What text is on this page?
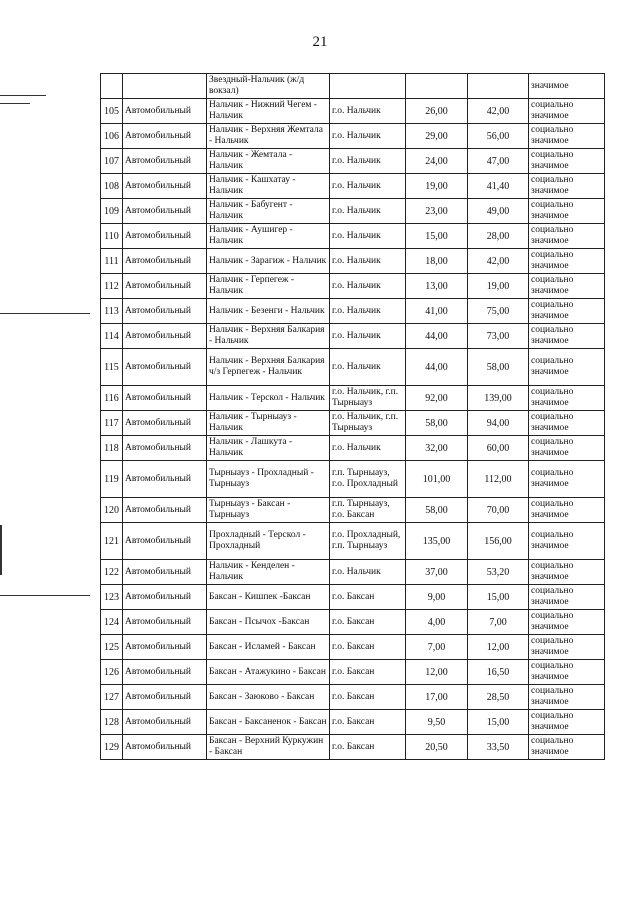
21
		Звездный-Нальчик (ж/д вокзал)				значимое
105	Автомобильный	Нальчик - Нижний Чегем - Нальчик	г.о. Нальчик	26,00	42,00	социально значимое
106	Автомобильный	Нальчик - Верхняя Жемтала - Нальчик	г.о. Нальчик	29,00	56,00	социально значимое
107	Автомобильный	Нальчик - Жемтала - Нальчик	г.о. Нальчик	24,00	47,00	социально значимое
108	Автомобильный	Нальчик - Кашхатау - Нальчик	г.о. Нальчик	19,00	41,40	социально значимое
109	Автомобильный	Нальчик - Бабугент - Нальчик	г.о. Нальчик	23,00	49,00	социально значимое
110	Автомобильный	Нальчик - Аушигер - Нальчик	г.о. Нальчик	15,00	28,00	социально значимое
111	Автомобильный	Нальчик - Зарагиж - Нальчик	г.о. Нальчик	18,00	42,00	социально значимое
112	Автомобильный	Нальчик - Герпегеж - Нальчик	г.о. Нальчик	13,00	19,00	социально значимое
113	Автомобильный	Нальчик - Безенги - Нальчик	г.о. Нальчик	41,00	75,00	социально значимое
114	Автомобильный	Нальчик - Верхняя Балкария - Нальчик	г.о. Нальчик	44,00	73,00	социально значимое
115	Автомобильный	Нальчик - Верхняя Балкария ч/з Герпегеж - Нальчик	г.о. Нальчик	44,00	58,00	социально значимое
116	Автомобильный	Нальчик - Терскол - Нальчик	г.о. Нальчик, г.п. Тырныауз	92,00	139,00	социально значимое
117	Автомобильный	Нальчик - Тырныауз - Нальчик	г.о. Нальчик, г.п. Тырныауз	58,00	94,00	социально значимое
118	Автомобильный	Нальчик - Лашкута - Нальчик	г.о. Нальчик	32,00	60,00	социально значимое
119	Автомобильный	Тырныауз - Прохладный - Тырныауз	г.п. Тырныауз, г.о. Прохладный	101,00	112,00	социально значимое
120	Автомобильный	Тырныауз - Баксан - Тырныауз	г.п. Тырныауз, г.о. Баксан	58,00	70,00	социально значимое
121	Автомобильный	Прохладный - Терскол - Прохладный	г.о. Прохладный, г.п. Тырныауз	135,00	156,00	социально значимое
122	Автомобильный	Нальчик - Кенделен - Нальчик	г.о. Нальчик	37,00	53,20	социально значимое
123	Автомобильный	Баксан - Кишпек -Баксан	г.о. Баксан	9,00	15,00	социально значимое
124	Автомобильный	Баксан - Псычох -Баксан	г.о. Баксан	4,00	7,00	социально значимое
125	Автомобильный	Баксан - Исламей - Баксан	г.о. Баксан	7,00	12,00	социально значимое
126	Автомобильный	Баксан - Атажукино - Баксан	г.о. Баксан	12,00	16,50	социально значимое
127	Автомобильный	Баксан - Заюково - Баксан	г.о. Баксан	17,00	28,50	социально значимое
128	Автомобильный	Баксан - Баксаненок - Баксан	г.о. Баксан	9,50	15,00	социально значимое
129	Автомобильный	Баксан - Верхний Куркужин - Баксан	г.о. Баксан	20,50	33,50	социально значимое
